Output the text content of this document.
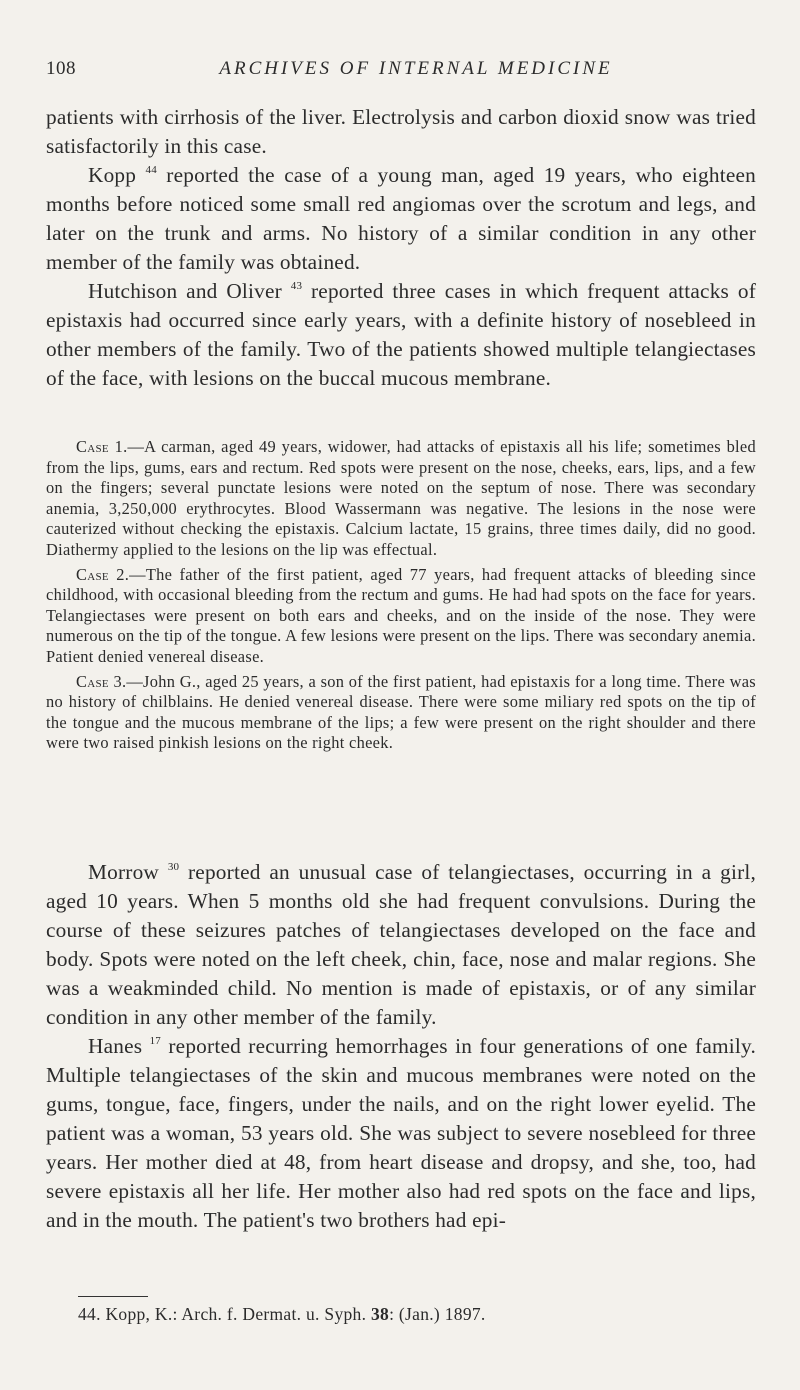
108	ARCHIVES OF INTERNAL MEDICINE

patients with cirrhosis of the liver. Electrolysis and carbon dioxid snow was tried satisfactorily in this case.

Kopp $^{44}$ reported the case of a young man, aged 19 years, who eighteen months before noticed some small red angiomas over the scrotum and legs, and later on the trunk and arms. No history of a similar condition in any other member of the family was obtained.

Hutchison and Oliver $^{43}$ reported three cases in which frequent attacks of epistaxis had occurred since early years, with a definite history of nosebleed in other members of the family. Two of the patients showed multiple telangiectases of the face, with lesions on the buccal mucous membrane.

Case 1.—A carman, aged 49 years, widower, had attacks of epistaxis all his life; sometimes bled from the lips, gums, ears and rectum. Red spots were present on the nose, cheeks, ears, lips, and a few on the fingers; several punctate lesions were noted on the septum of nose. There was secondary anemia, 3,250,000 erythrocytes. Blood Wassermann was negative. The lesions in the nose were cauterized without checking the epistaxis. Calcium lactate, 15 grains, three times daily, did no good. Diathermy applied to the lesions on the lip was effectual.

Case 2.—The father of the first patient, aged 77 years, had frequent attacks of bleeding since childhood, with occasional bleeding from the rectum and gums. He had had spots on the face for years. Telangiectases were present on both ears and cheeks, and on the inside of the nose. They were numerous on the tip of the tongue. A few lesions were present on the lips. There was secondary anemia. Patient denied venereal disease.

Case 3.—John G., aged 25 years, a son of the first patient, had epistaxis for a long time. There was no history of chilblains. He denied venereal disease. There were some miliary red spots on the tip of the tongue and the mucous membrane of the lips; a few were present on the right shoulder and there were two raised pinkish lesions on the right cheek.

Morrow $^{30}$ reported an unusual case of telangiectases, occurring in a girl, aged 10 years. When 5 months old she had frequent convulsions. During the course of these seizures patches of telangiectases developed on the face and body. Spots were noted on the left cheek, chin, face, nose and malar regions. She was a weakminded child. No mention is made of epistaxis, or of any similar condition in any other member of the family.

Hanes $^{17}$ reported recurring hemorrhages in four generations of one family. Multiple telangiectases of the skin and mucous membranes were noted on the gums, tongue, face, fingers, under the nails, and on the right lower eyelid. The patient was a woman, 53 years old. She was subject to severe nosebleed for three years. Her mother died at 48, from heart disease and dropsy, and she, too, had severe epistaxis all her life. Her mother also had red spots on the face and lips, and in the mouth. The patient's two brothers had epi-

44. Kopp, K.: Arch. f. Dermat. u. Syph. 38: (Jan.) 1897.
